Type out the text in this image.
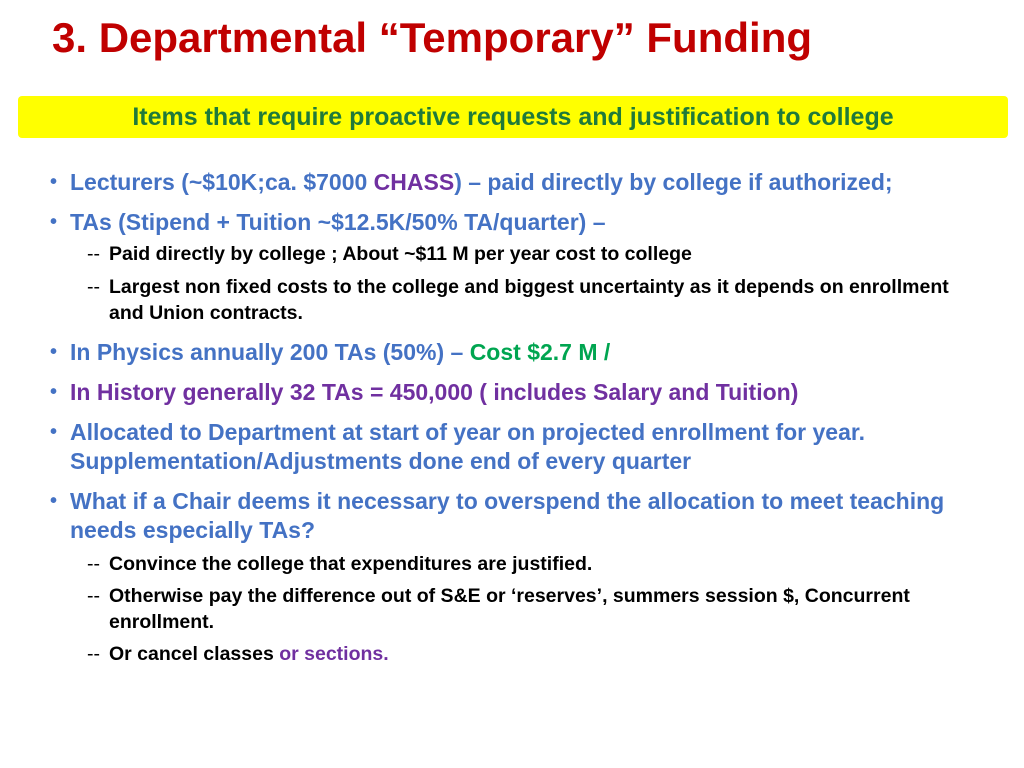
3. Departmental “Temporary” Funding
Items that require proactive requests and justification to college
• Lecturers (~$10K;ca. $7000 CHASS) – paid directly by college if authorized;
• TAs (Stipend + Tuition ~$12.5K/50% TA/quarter) –
-- Paid directly by college ; About ~$11 M per year cost to college
-- Largest non fixed costs to the college and biggest uncertainty as it depends on enrollment and Union contracts.
• In Physics annually 200 TAs (50%) – Cost $2.7 M /
• In History generally 32 TAs = 450,000 ( includes Salary and Tuition)
• Allocated to Department at start of year on projected enrollment for year. Supplementation/Adjustments done end of every quarter
• What if a Chair deems it necessary to overspend the allocation to meet teaching needs especially TAs?
-- Convince the college that expenditures are justified.
-- Otherwise pay the difference out of S&E or ‘reserves’, summers session $, Concurrent enrollment.
-- Or cancel classes or sections.
